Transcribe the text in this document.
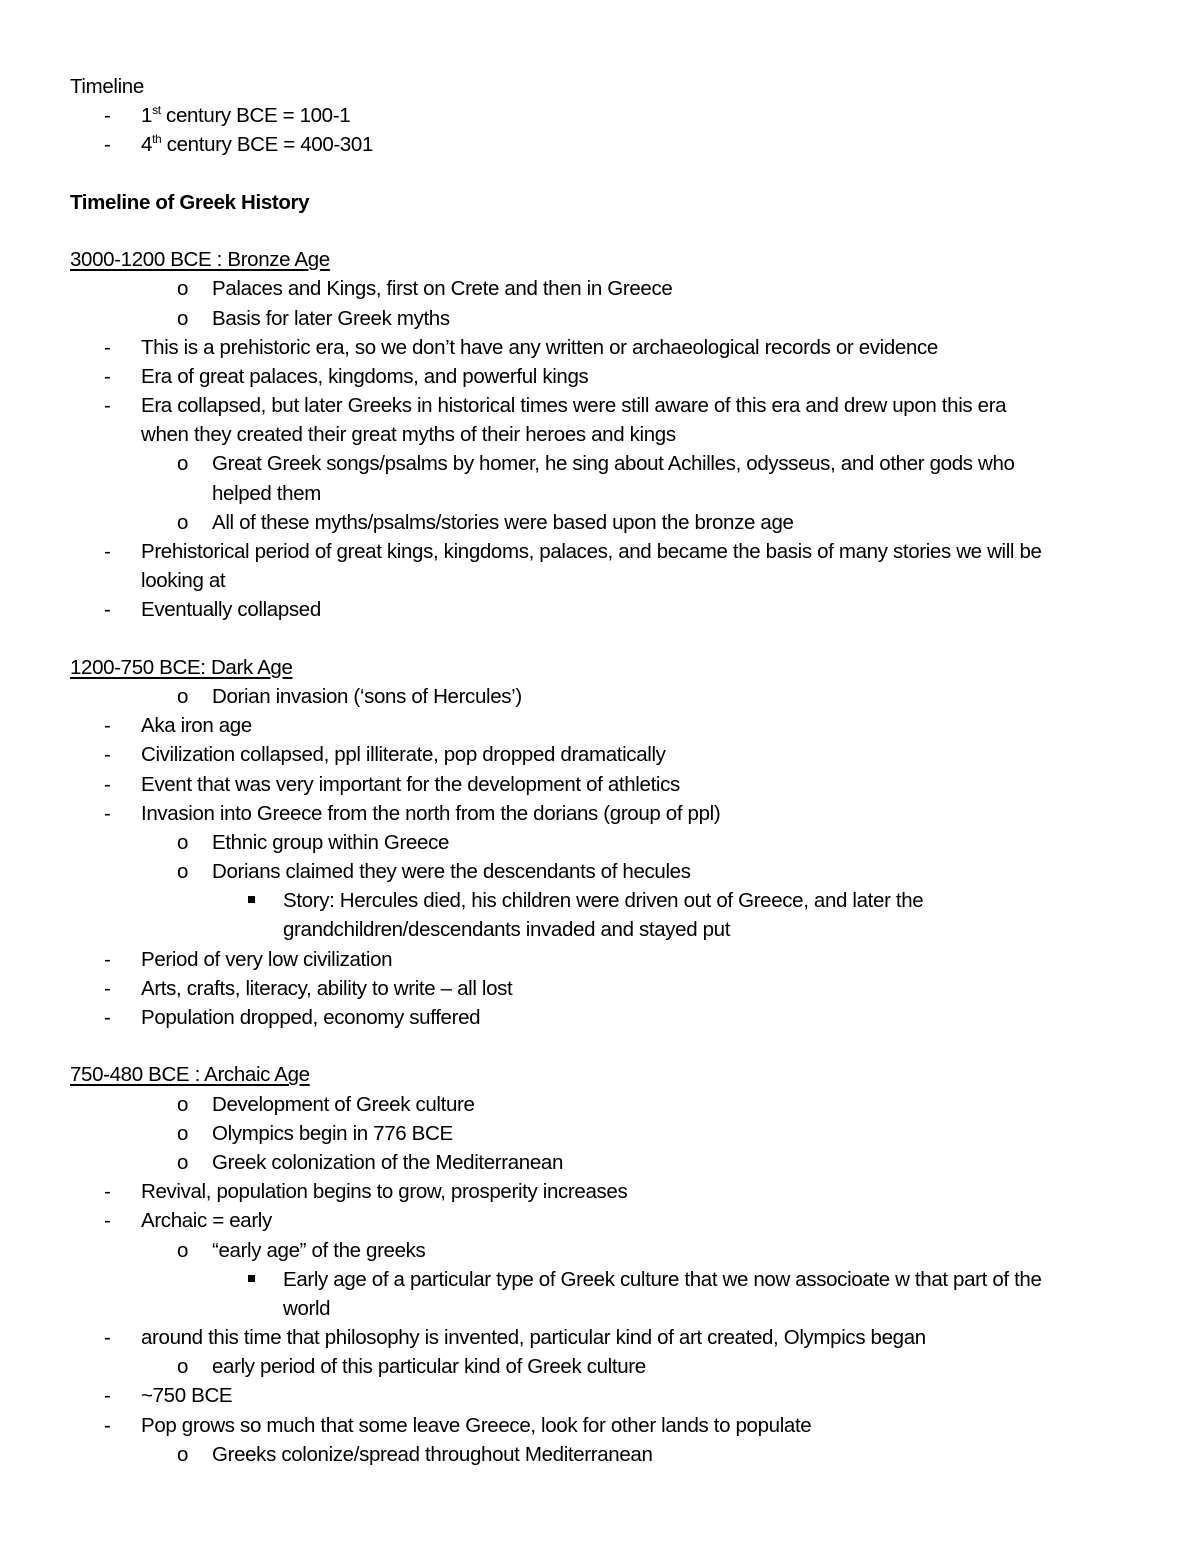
Timeline
- 1st century BCE = 100-1
- 4th century BCE = 400-301
Timeline of Greek History
3000-1200 BCE : Bronze Age
o Palaces and Kings, first on Crete and then in Greece
o Basis for later Greek myths
- This is a prehistoric era, so we don’t have any written or archaeological records or evidence
- Era of great palaces, kingdoms, and powerful kings
- Era collapsed, but later Greeks in historical times were still aware of this era and drew upon this era
when they created their great myths of their heroes and kings
o Great Greek songs/psalms by homer, he sing about Achilles, odysseus, and other gods who
helped them
o All of these myths/psalms/stories were based upon the bronze age
- Prehistorical period of great kings, kingdoms, palaces, and became the basis of many stories we will be
looking at
- Eventually collapsed
1200-750 BCE: Dark Age
o Dorian invasion (‘sons of Hercules’)
- Aka iron age
- Civilization collapsed, ppl illiterate, pop dropped dramatically
- Event that was very important for the development of athletics
- Invasion into Greece from the north from the dorians (group of ppl)
o Ethnic group within Greece
o Dorians claimed they were the descendants of hecules
Story: Hercules died, his children were driven out of Greece, and later the
grandchildren/descendants invaded and stayed put
- Period of very low civilization
- Arts, crafts, literacy, ability to write – all lost
- Population dropped, economy suffered
750-480 BCE : Archaic Age
o Development of Greek culture
o Olympics begin in 776 BCE
o Greek colonization of the Mediterranean
- Revival, population begins to grow, prosperity increases
- Archaic = early
o “early age” of the greeks
Early age of a particular type of Greek culture that we now associoate w that part of the
world
- around this time that philosophy is invented, particular kind of art created, Olympics began
o early period of this particular kind of Greek culture
- ~750 BCE
- Pop grows so much that some leave Greece, look for other lands to populate
o Greeks colonize/spread throughout Mediterranean
